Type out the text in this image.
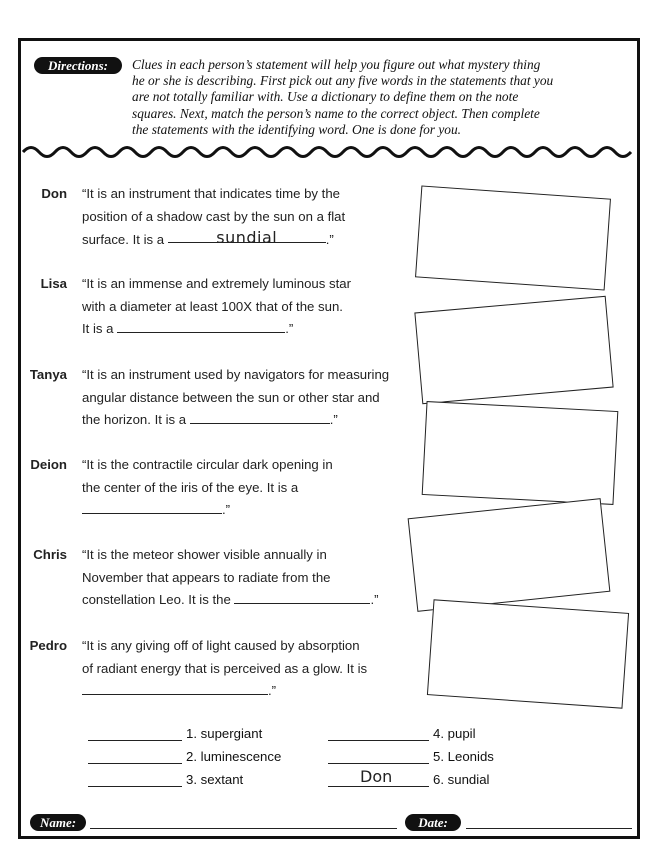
Directions:	Clues in each person’s statement will help you figure out what mystery thing
he or she is describing. First pick out any five words in the statements that you
are not totally familiar with. Use a dictionary to define them on the note
squares. Next, match the person’s name to the correct object. Then complete
the statements with the identifying word. One is done for you.
Don “It is an instrument that indicates time by the
position of a shadow cast by the sun on a flat
surface. It is a	sundial	.”
Lisa “It is an immense and extremely luminous star
with a diameter at least 100X that of the sun.
It is a	.”
Tanya “It is an instrument used by navigators for measuring
angular distance between the sun or other star and
the horizon. It is a	.”
Deion “It is the contractile circular dark opening in
the center of the iris of the eye. It is a
.”
Chris “It is the meteor shower visible annually in
November that appears to radiate from the
constellation Leo. It is the	.”
Pedro “It is any giving off of light caused by absorption
of radiant energy that is perceived as a glow. It is
.”
1. supergiant
2. luminescence
3. sextant
4. pupil
5. Leonids
Don	6. sundial
Name:	Date:
